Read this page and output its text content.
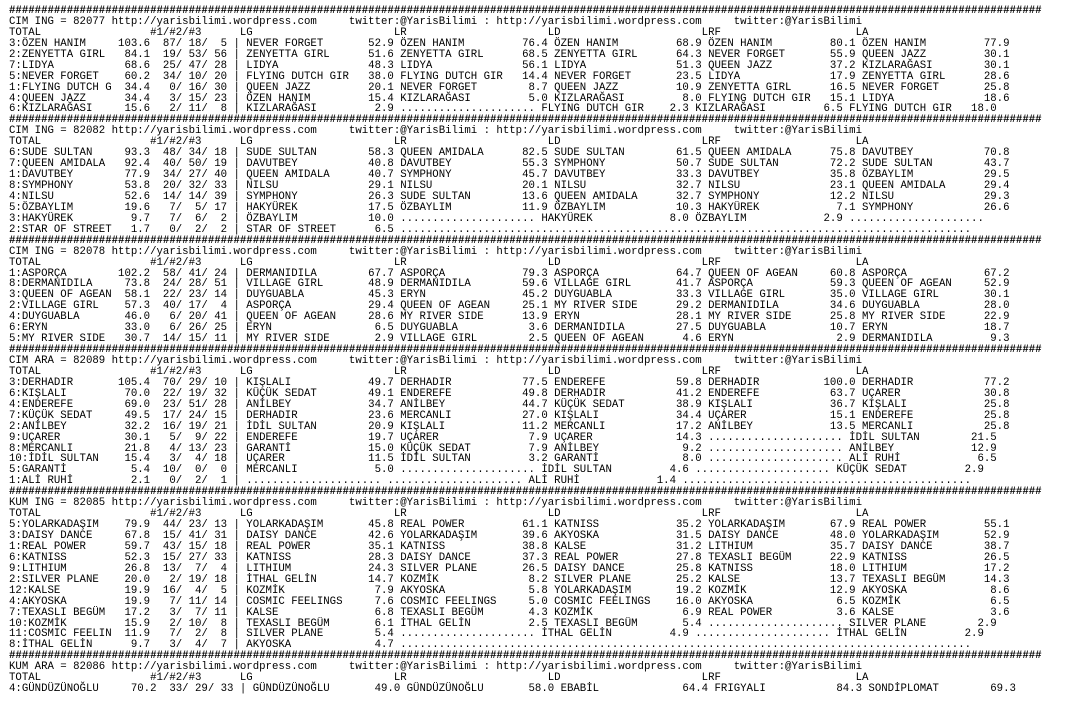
#################################################################################################################################################################
CIM ING = 82077 http://yarisbilimi.wordpress.com     twitter:@YarisBilimi : http://yarisbilimi.wordpress.com     twitter:@YarisBilimi
TOTAL                 #1/#2/#3      LG                      LR                      LD                      LRF                     LA
3:ÖZEN HANIM     103.6  87/ 18/  5 | NEVER FORGET       52.9 ÖZEN HANIM         76.4 ÖZEN HANIM         68.9 ÖZEN HANIM         80.1 ÖZEN HANIM         77.9
2:ZENYETTA GIRL   84.1  19/ 53/ 56 | ZENYETTA GIRL      51.6 ZENYETTA GIRL      68.5 ZENYETTA GIRL      64.3 NEVER FORGET       55.9 QUEEN JAZZ         30.1
7:LIDYA           68.6  25/ 47/ 28 | LIDYA              48.3 LIDYA              56.1 LIDYA              51.3 QUEEN JAZZ         37.2 KIZLARAĞASI        30.1
5:NEVER FORGET    60.2  34/ 10/ 20 | FLYING DUTCH GIR   38.0 FLYING DUTCH GIR   14.4 NEVER FORGET       23.5 LIDYA              17.9 ZENYETTA GIRL      28.6
1:FLYING DUTCH G  34.4   0/ 16/ 30 | QUEEN JAZZ         20.1 NEVER FORGET        8.7 QUEEN JAZZ         10.9 ZENYETTA GIRL      16.5 NEVER FORGET       25.8
4:QUEEN JAZZ      34.4   3/ 15/ 23 | ÖZEN HANIM         15.4 KIZLARAĞASI         5.0 KIZLARAĞASI         8.0 FLYING DUTCH GIR   15.1 LIDYA              18.6
6:KIZLARAĞASI     15.6   2/ 11/  8 | KIZLARAĞASI         2.9 ..................... FLYING DUTCH GIR    2.3 KIZLARAĞASI         6.5 FLYING DUTCH GIR   18.0
#################################################################################################################################################################
CIM ING = 82082 http://yarisbilimi.wordpress.com     twitter:@YarisBilimi : http://yarisbilimi.wordpress.com     twitter:@YarisBilimi
TOTAL                 #1/#2/#3      LG                      LR                      LD                      LRF                     LA
6:SUDE SULTAN     93.3  48/ 34/ 18 | SUDE SULTAN        58.3 QUEEN AMIDALA      82.5 SUDE SULTAN        61.5 QUEEN AMIDALA      75.8 DAVUTBEY           70.8
7:QUEEN AMIDALA   92.4  40/ 50/ 19 | DAVUTBEY           40.8 DAVUTBEY           55.3 SYMPHONY           50.7 SUDE SULTAN        72.2 SUDE SULTAN        43.7
1:DAVUTBEY        77.9  34/ 27/ 40 | QUEEN AMIDALA      40.7 SYMPHONY           45.7 DAVUTBEY           33.3 DAVUTBEY           35.8 ÖZBAYLIM           29.5
8:SYMPHONY        53.8  20/ 32/ 33 | NILSU              29.1 NILSU              20.1 NILSU              32.7 NILSU              23.1 QUEEN AMIDALA      29.4
4:NILSU           52.6  14/ 14/ 39 | SYMPHONY           26.3 SUDE SULTAN        13.6 QUEEN AMIDALA      32.7 SYMPHONY           12.2 NILSU              29.3
5:ÖZBAYLIM        19.6   7/  5/ 17 | HAKYÜREK           17.5 ÖZBAYLIM           11.9 ÖZBAYLIM           10.3 HAKYÜREK            7.1 SYMPHONY           26.6
3:HAKYÜREK         9.7   7/  6/  2 | ÖZBAYLIM           10.0 ..................... HAKYÜREK            8.0 ÖZBAYLIM            2.9 .....................
2:STAR OF STREET   1.7   0/  2/  2 | STAR OF STREET      6.5 .........................................................................................
#################################################################################################################################################################
CIM ING = 82078 http://yarisbilimi.wordpress.com     twitter:@YarisBilimi : http://yarisbilimi.wordpress.com     twitter:@YarisBilimi
TOTAL                 #1/#2/#3      LG                      LR                      LD                      LRF                     LA
1:ASPORÇA        102.2  58/ 41/ 24 | DERMANIDILA        67.7 ASPORÇA            79.3 ASPORÇA            64.7 QUEEN OF AGEAN     60.8 ASPORÇA            67.2
8:DERMANIDILA     73.8  24/ 28/ 51 | VILLAGE GIRL       48.9 DERMANIDILA        59.6 VILLAGE GIRL       41.7 ASPORÇA            59.3 QUEEN OF AGEAN     52.9
3:QUEEN OF AGEAN  58.1  22/ 23/ 14 | DUYGUABLA          45.3 ERYN               45.2 DUYGUABLA          33.3 VILLAGE GIRL       35.0 VILLAGE GIRL       30.1
2:VILLAGE GIRL    57.3  40/ 17/  4 | ASPORÇA            29.4 QUEEN OF AGEAN     25.1 MY RIVER SIDE      29.2 DERMANIDILA        34.6 DUYGUABLA          28.0
4:DUYGUABLA       46.0   6/ 20/ 41 | QUEEN OF AGEAN     28.6 MY RIVER SIDE      13.9 ERYN               28.1 MY RIVER SIDE      25.8 MY RIVER SIDE      22.9
6:ERYN            33.0   6/ 26/ 25 | ERYN                6.5 DUYGUABLA           3.6 DERMANIDILA        27.5 DUYGUABLA          10.7 ERYN               18.7
5:MY RIVER SIDE   30.7  14/ 15/ 11 | MY RIVER SIDE       2.9 VILLAGE GIRL        2.5 QUEEN OF AGEAN      4.6 ERYN                2.9 DERMANIDILA         9.3
#################################################################################################################################################################
CIM ARA = 82089 http://yarisbilimi.wordpress.com     twitter:@YarisBilimi : http://yarisbilimi.wordpress.com     twitter:@YarisBilimi
TOTAL                 #1/#2/#3      LG                      LR                      LD                      LRF                     LA
3:DERHADIR       105.4  70/ 29/ 10 | KIŞLALI            49.7 DERHADIR           77.5 ENDEREFE           59.8 DERHADIR          100.0 DERHADIR           77.2
6:KIŞLALI         70.0  22/ 19/ 32 | KÜÇÜK SEDAT        49.1 ENDEREFE           49.8 DERHADIR           41.2 ENDEREFE           63.7 UÇARER             30.8
4:ENDEREFE        69.0  23/ 51/ 28 | ANİLBEY            34.7 ANİLBEY            44.7 KÜÇÜK SEDAT        38.9 KIŞLALI            36.7 KIŞLALI            25.8
7:KÜÇÜK SEDAT     49.5  17/ 24/ 15 | DERHADIR           23.6 MERCANLI           27.0 KIŞLALI            34.4 UÇARER             15.1 ENDEREFE           25.8
2:ANİLBEY         32.2  16/ 19/ 21 | İDİL SULTAN        20.9 KIŞLALI            11.2 MERCANLI           17.2 ANİLBEY            13.5 MERCANLI           25.8
9:UÇARER          30.1   5/  9/ 22 | ENDEREFE           19.7 UÇARER              7.9 UÇARER             14.3 ..................... İDİL SULTAN        21.5
8:MERCANLI        21.8   4/ 13/ 23 | GARANTİ            15.0 KÜÇÜK SEDAT         7.9 ANİLBEY             9.2 ..................... ANİLBEY            12.9
10:İDİL SULTAN    15.4   3/  4/ 18 | UÇARER             11.5 İDİL SULTAN         3.2 GARANTİ             8.0 ..................... ALİ RUHİ            6.5
5:GARANTİ          5.4  10/  0/  0 | MERCANLI            5.0 ..................... İDİL SULTAN         4.6 ..................... KÜÇÜK SEDAT         2.9
1:ALİ RUHİ         2.1   0/  2/  1 | ..................... ..................... ALİ RUHİ            1.4 .............................................
#################################################################################################################################################################
KUM ING = 82085 http://yarisbilimi.wordpress.com     twitter:@YarisBilimi : http://yarisbilimi.wordpress.com     twitter:@YarisBilimi
TOTAL                 #1/#2/#3      LG                      LR                      LD                      LRF                     LA
5:YOLARKADAŞIM    79.9  44/ 23/ 13 | YOLARKADAŞIM       45.8 REAL POWER         61.1 KATNISS            35.2 YOLARKADAŞIM       67.9 REAL POWER         55.1
3:DAISY DANCE     67.8  15/ 41/ 31 | DAISY DANCE        42.6 YOLARKADAŞIM       39.6 AKYOSKA            31.5 DAISY DANCE        48.0 YOLARKADAŞIM       52.9
1:REAL POWER      59.7  43/ 15/ 18 | REAL POWER         35.1 KATNISS            38.8 KALSE              31.2 LITHIUM            35.7 DAISY DANCE        38.7
6:KATNISS         52.3  15/ 27/ 33 | KATNISS            28.3 DAISY DANCE        37.3 REAL POWER         27.8 TEXASLI BEGÜM      22.9 KATNISS            26.5
9:LITHIUM         26.8  13/  7/  4 | LITHIUM            24.3 SILVER PLANE       26.5 DAISY DANCE        25.8 KATNISS            18.0 LITHIUM            17.2
2:SILVER PLANE    20.0   2/ 19/ 18 | İTHAL GELİN        14.7 KOZMİK              8.2 SILVER PLANE       25.2 KALSE              13.7 TEXASLI BEGÜM      14.3
12:KALSE          19.9  16/  4/  5 | KOZMİK              7.9 AKYOSKA             5.8 YOLARKADAŞIM       19.2 KOZMİK             12.9 AKYOSKA             8.6
4:AKYOSKA         19.9   7/ 11/ 14 | COSMIC FEELINGS     7.6 COSMIC FEELINGS     5.0 COSMIC FEELINGS    16.0 AKYOSKA             6.5 KOZMİK              6.5
7:TEXASLI BEGÜM   17.2   3/  7/ 11 | KALSE               6.8 TEXASLI BEGÜM       4.3 KOZMİK              6.9 REAL POWER          3.6 KALSE               3.6
10:KOZMİK         15.9   2/ 10/  8 | TEXASLI BEGÜM       6.1 İTHAL GELİN         2.5 TEXASLI BEGÜM       5.4 ..................... SILVER PLANE        2.9
11:COSMIC FEELIN  11.9   7/  2/  8 | SILVER PLANE        5.4 ..................... İTHAL GELİN         4.9 ..................... İTHAL GELİN         2.9
8:İTHAL GELİN      9.7   3/  4/  7 | AKYOSKA             4.7 .........................................................................................
#################################################################################################################################################################
KUM ARA = 82086 http://yarisbilimi.wordpress.com     twitter:@YarisBilimi : http://yarisbilimi.wordpress.com     twitter:@YarisBilimi
TOTAL                 #1/#2/#3      LG                      LR                      LD                      LRF                     LA
4:GÜNDÜZÜNOĞLU     70.2  33/ 29/ 33 | GÜNDÜZÜNOĞLU       49.0 GÜNDÜZÜNOĞLU       58.0 EBABİL             64.4 FRIGYALI           84.3 SONDİPLOMAT        69.3
